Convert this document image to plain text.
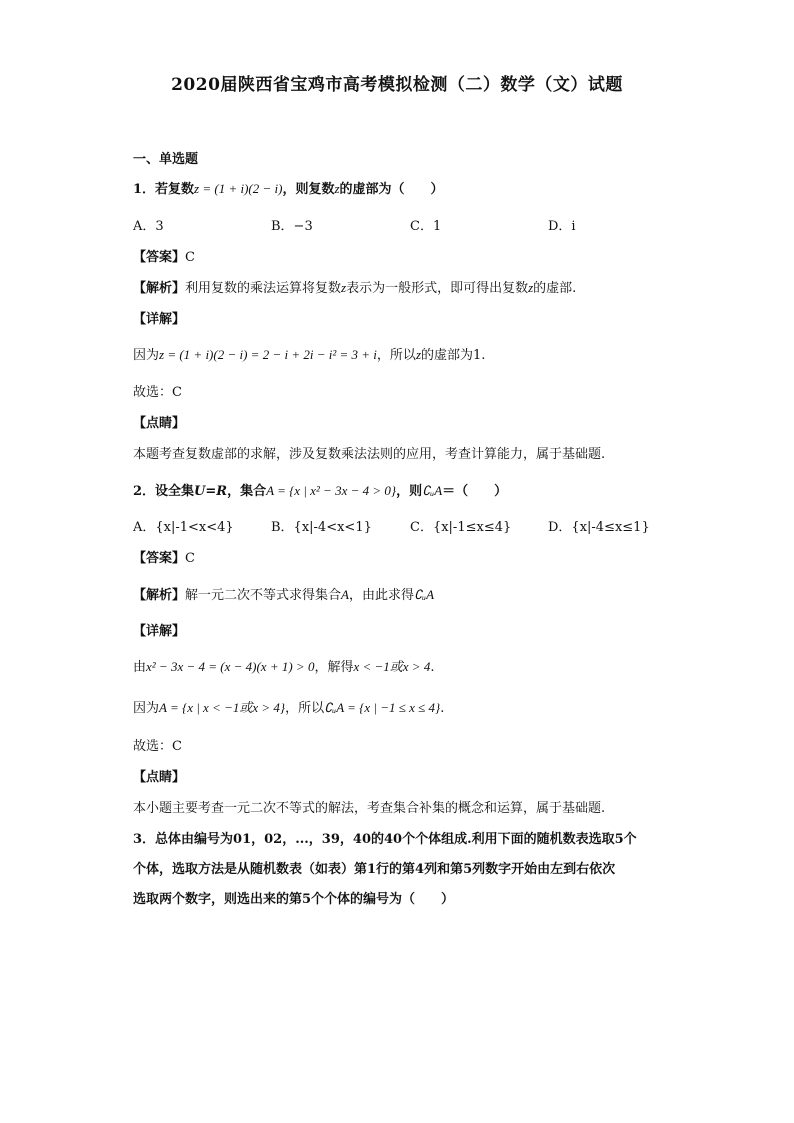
2020届陕西省宝鸡市高考模拟检测（二）数学（文）试题
一、单选题
1．若复数z = (1 + i)(2 − i)，则复数z的虚部为（　　）
A．3	B．−3	C．1	D．i
【答案】C
【解析】利用复数的乘法运算将复数z表示为一般形式，即可得出复数z的虚部.
【详解】
因为z = (1 + i)(2 − i) = 2 − i + 2i − i² = 3 + i，所以z的虚部为1.
故选：C
【点睛】
本题考查复数虚部的求解，涉及复数乘法法则的应用，考查计算能力，属于基础题.
2．设全集U=R，集合A = {x | x² − 3x − 4 > 0}，则∁ᵤA＝（　　）
A．{x|-1<x<4}	B．{x|-4<x<1}	C．{x|-1≤x≤4}	D．{x|-4≤x≤1}
【答案】C
【解析】解一元二次不等式求得集合A，由此求得∁ᵤA
【详解】
由x² − 3x − 4 = (x − 4)(x + 1) > 0，解得x < −1或x > 4.
因为A = {x | x < −1或x > 4}，所以∁ᵤA = {x | −1 ≤ x ≤ 4}.
故选：C
【点睛】
本小题主要考查一元二次不等式的解法，考查集合补集的概念和运算，属于基础题.
3．总体由编号为01，02，...，39，40的40个个体组成.利用下面的随机数表选取5个
个体，选取方法是从随机数表（如表）第1行的第4列和第5列数字开始由左到右依次
选取两个数字，则选出来的第5个个体的编号为（　　）
